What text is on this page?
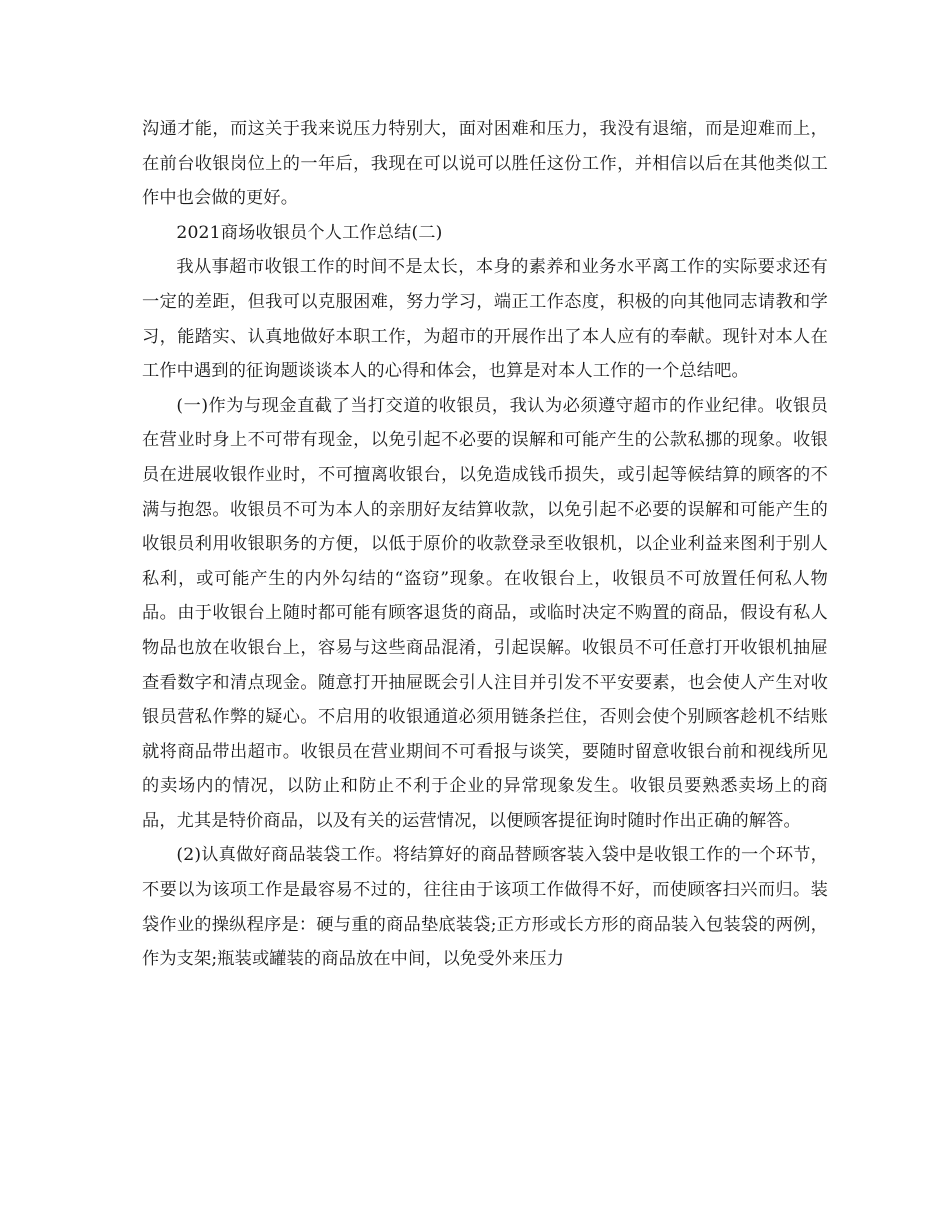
沟通才能，而这关于我来说压力特别大，面对困难和压力，我没有退缩，而是迎难而上，在前台收银岗位上的一年后，我现在可以说可以胜任这份工作，并相信以后在其他类似工作中也会做的更好。

2021商场收银员个人工作总结(二)

我从事超市收银工作的时间不是太长，本身的素养和业务水平离工作的实际要求还有一定的差距，但我可以克服困难，努力学习，端正工作态度，积极的向其他同志请教和学习，能踏实、认真地做好本职工作，为超市的开展作出了本人应有的奉献。现针对本人在工作中遇到的征询题谈谈本人的心得和体会，也算是对本人工作的一个总结吧。

(一)作为与现金直截了当打交道的收银员，我认为必须遵守超市的作业纪律。收银员在营业时身上不可带有现金，以免引起不必要的误解和可能产生的公款私挪的现象。收银员在进展收银作业时，不可擅离收银台，以免造成钱币损失，或引起等候结算的顾客的不满与抱怨。收银员不可为本人的亲朋好友结算收款，以免引起不必要的误解和可能产生的收银员利用收银职务的方便，以低于原价的收款登录至收银机，以企业利益来图利于别人私利，或可能产生的内外勾结的“盗窃”现象。在收银台上，收银员不可放置任何私人物品。由于收银台上随时都可能有顾客退货的商品，或临时决定不购置的商品，假设有私人物品也放在收银台上，容易与这些商品混淆，引起误解。收银员不可任意打开收银机抽屉查看数字和清点现金。随意打开抽屉既会引人注目并引发不平安要素，也会使人产生对收银员营私作弊的疑心。不启用的收银通道必须用链条拦住，否则会使个别顾客趁机不结账就将商品带出超市。收银员在营业期间不可看报与谈笑，要随时留意收银台前和视线所见的卖场内的情况，以防止和防止不利于企业的异常现象发生。收银员要熟悉卖场上的商品，尤其是特价商品，以及有关的运营情况，以便顾客提征询时随时作出正确的解答。

(2)认真做好商品装袋工作。将结算好的商品替顾客装入袋中是收银工作的一个环节，不要以为该项工作是最容易不过的，往往由于该项工作做得不好，而使顾客扫兴而归。装袋作业的操纵程序是：硬与重的商品垫底装袋;正方形或长方形的商品装入包装袋的两例，作为支架;瓶装或罐装的商品放在中间，以免受外来压力
